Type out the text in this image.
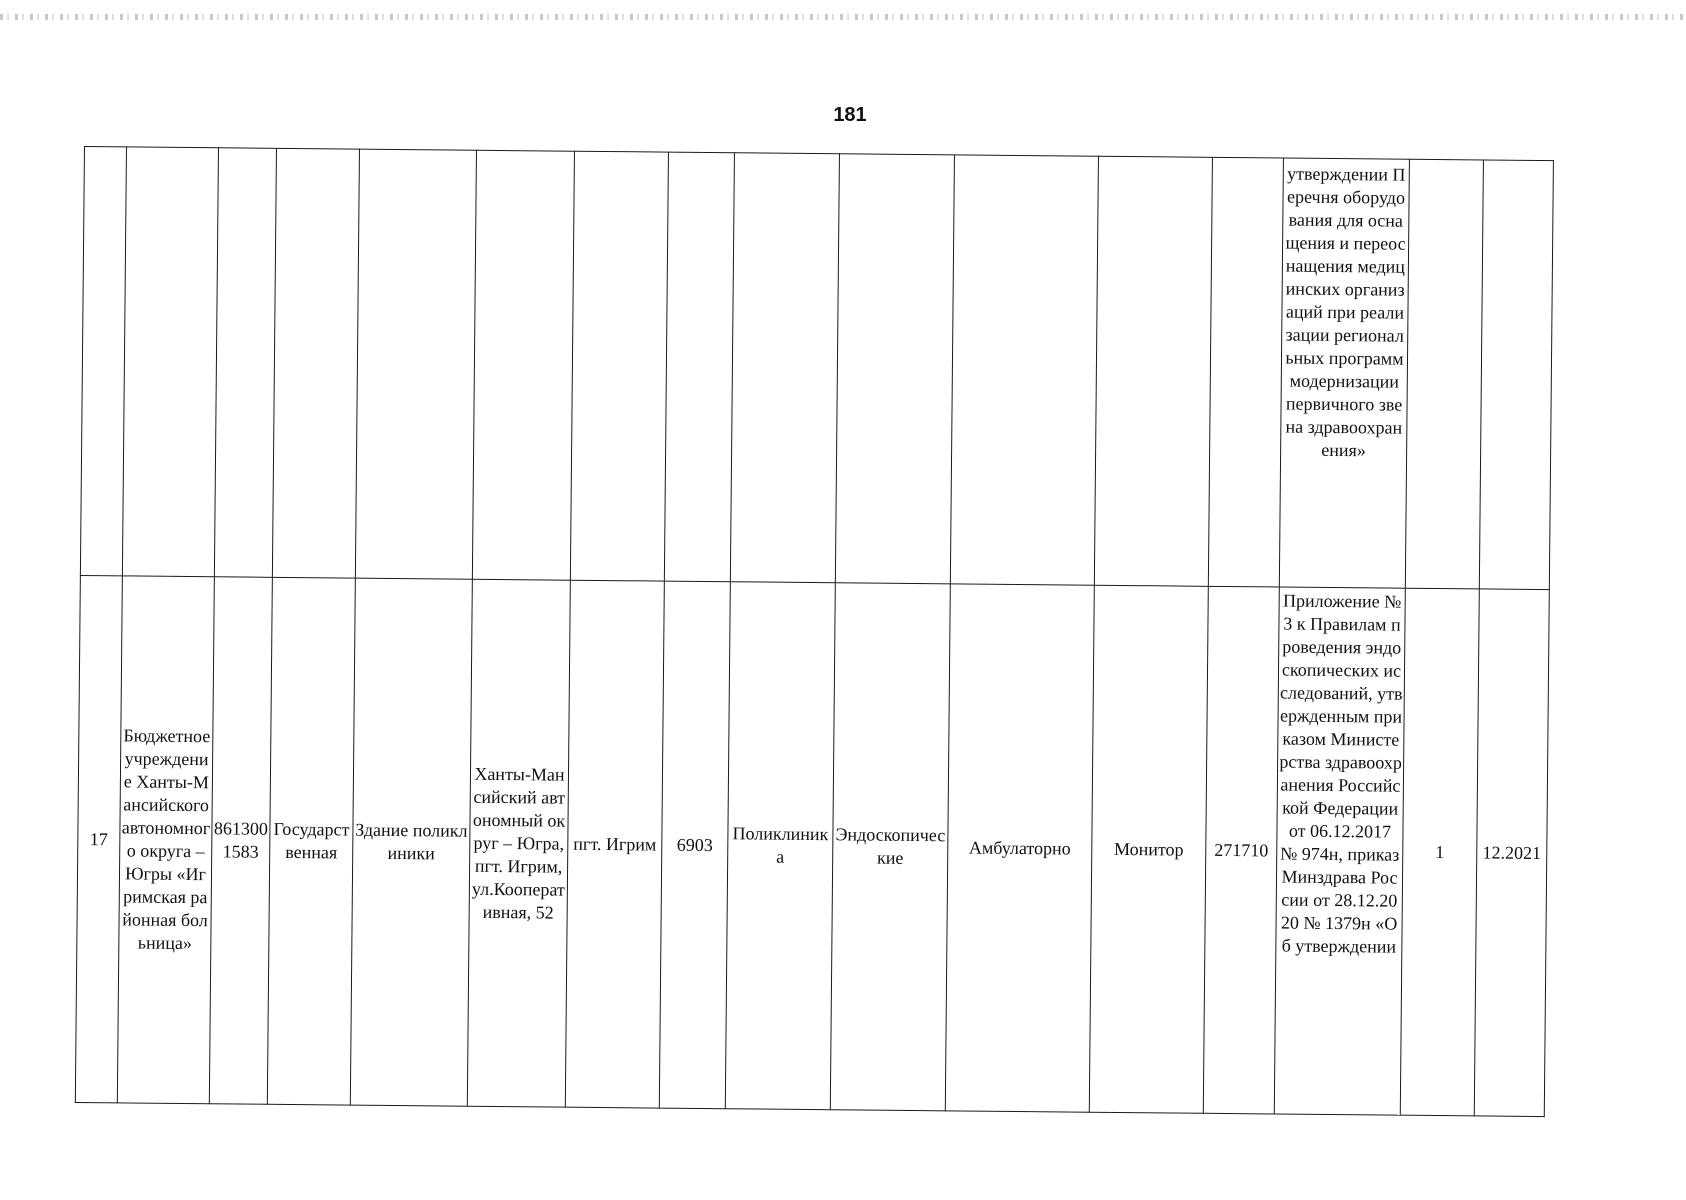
181
													утверждении Перечня оборудования для оснащения и переоснащения медицинских организаций при реализации региональных программ модернизации первичного звена здравоохранения»		
17	Бюджетное учреждение Ханты-Мансийского автономного округа – Югры «Игримская районная больница»	8613001583	Государственная	Здание поликлиники	Ханты-Мансийский автономный округ – Югра, пгт. Игрим, ул.Кооперативная, 52	пгт. Игрим	6903	Поликлиника	Эндоскопические	Амбулаторно	Монитор	271710	Приложение № 3 к Правилам проведения эндоскопических исследований, утвержденным приказом Министерства здравоохранения Российской Федерации от 06.12.2017 № 974н, приказ Минздрава России от 28.12.2020 № 1379н «Об утверждении	1	12.2021
